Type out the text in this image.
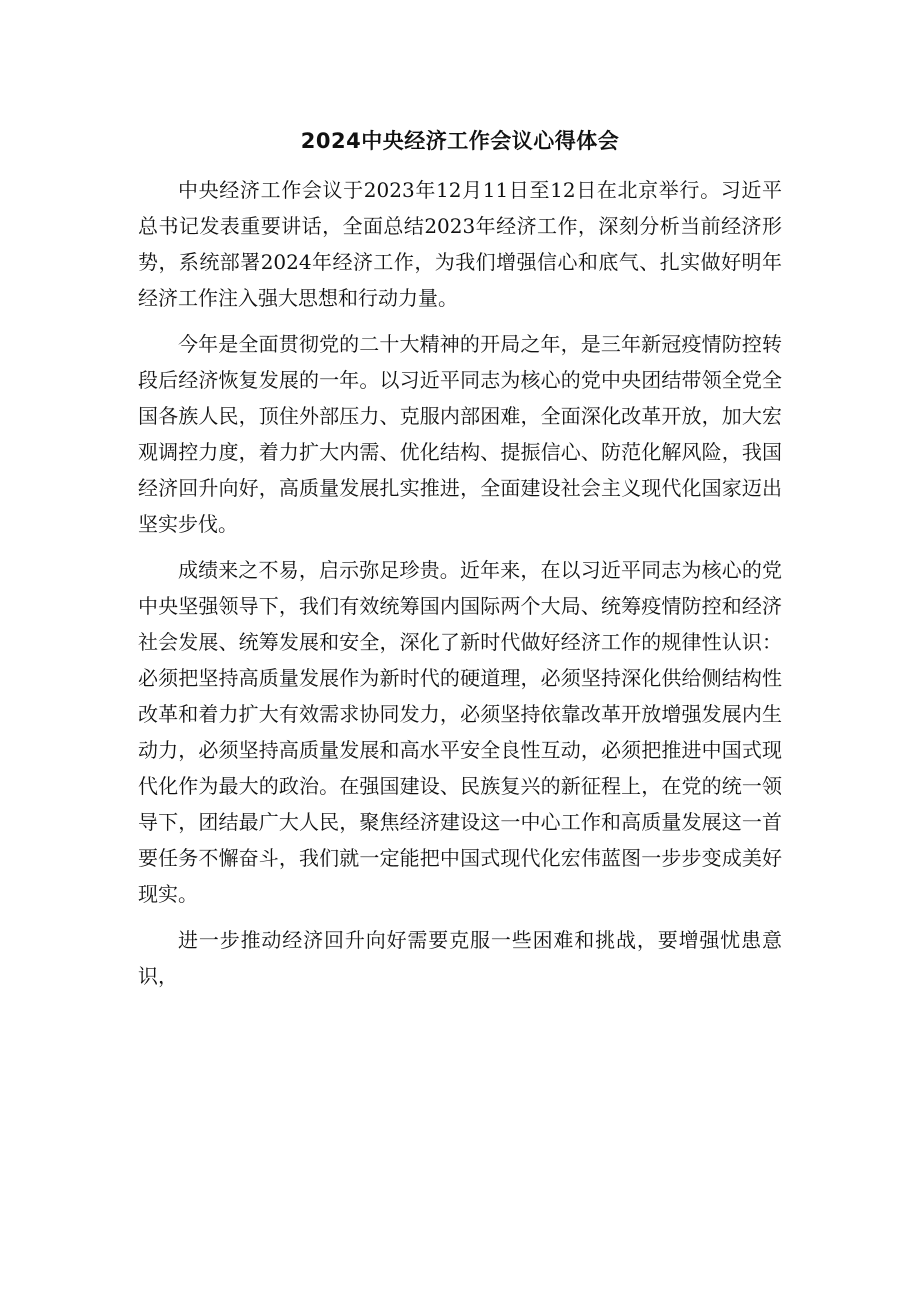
2024中央经济工作会议心得体会

中央经济工作会议于2023年12月11日至12日在北京举行。习近平总书记发表重要讲话，全面总结2023年经济工作，深刻分析当前经济形势，系统部署2024年经济工作，为我们增强信心和底气、扎实做好明年经济工作注入强大思想和行动力量。

今年是全面贯彻党的二十大精神的开局之年，是三年新冠疫情防控转段后经济恢复发展的一年。以习近平同志为核心的党中央团结带领全党全国各族人民，顶住外部压力、克服内部困难，全面深化改革开放，加大宏观调控力度，着力扩大内需、优化结构、提振信心、防范化解风险，我国经济回升向好，高质量发展扎实推进，全面建设社会主义现代化国家迈出坚实步伐。

成绩来之不易，启示弥足珍贵。近年来，在以习近平同志为核心的党中央坚强领导下，我们有效统筹国内国际两个大局、统筹疫情防控和经济社会发展、统筹发展和安全，深化了新时代做好经济工作的规律性认识：必须把坚持高质量发展作为新时代的硬道理，必须坚持深化供给侧结构性改革和着力扩大有效需求协同发力，必须坚持依靠改革开放增强发展内生动力，必须坚持高质量发展和高水平安全良性互动，必须把推进中国式现代化作为最大的政治。在强国建设、民族复兴的新征程上，在党的统一领导下，团结最广大人民，聚焦经济建设这一中心工作和高质量发展这一首要任务不懈奋斗，我们就一定能把中国式现代化宏伟蓝图一步步变成美好现实。

进一步推动经济回升向好需要克服一些困难和挑战，要增强忧患意识，
